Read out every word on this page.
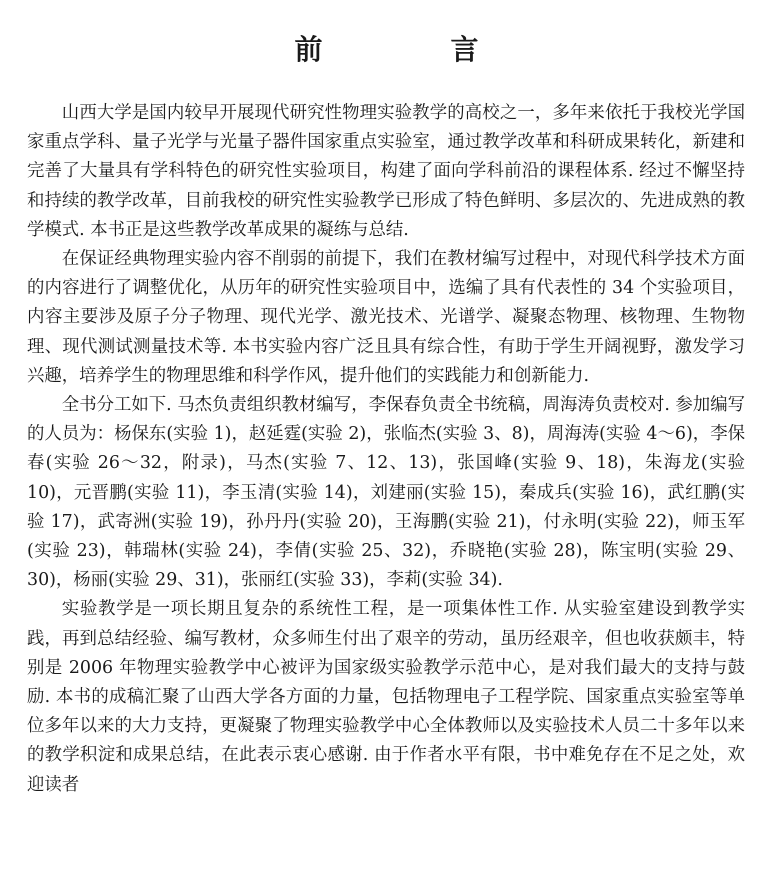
前　言

山西大学是国内较早开展现代研究性物理实验教学的高校之一，多年来依托于我校光学国家重点学科、量子光学与光量子器件国家重点实验室，通过教学改革和科研成果转化，新建和完善了大量具有学科特色的研究性实验项目，构建了面向学科前沿的课程体系. 经过不懈坚持和持续的教学改革，目前我校的研究性实验教学已形成了特色鲜明、多层次的、先进成熟的教学模式. 本书正是这些教学改革成果的凝练与总结.

在保证经典物理实验内容不削弱的前提下，我们在教材编写过程中，对现代科学技术方面的内容进行了调整优化，从历年的研究性实验项目中，选编了具有代表性的 34 个实验项目，内容主要涉及原子分子物理、现代光学、激光技术、光谱学、凝聚态物理、核物理、生物物理、现代测试测量技术等. 本书实验内容广泛且具有综合性，有助于学生开阔视野，激发学习兴趣，培养学生的物理思维和科学作风，提升他们的实践能力和创新能力.

全书分工如下. 马杰负责组织教材编写，李保春负责全书统稿，周海涛负责校对. 参加编写的人员为：杨保东(实验 1)，赵延霆(实验 2)，张临杰(实验 3、8)，周海涛(实验 4～6)，李保春(实验 26～32，附录)，马杰(实验 7、12、13)，张国峰(实验 9、18)，朱海龙(实验 10)，元晋鹏(实验 11)，李玉清(实验 14)，刘建丽(实验 15)，秦成兵(实验 16)，武红鹏(实验 17)，武寄洲(实验 19)，孙丹丹(实验 20)，王海鹏(实验 21)，付永明(实验 22)，师玉军(实验 23)，韩瑞林(实验 24)，李倩(实验 25、32)，乔晓艳(实验 28)，陈宝明(实验 29、30)，杨丽(实验 29、31)，张丽红(实验 33)，李莉(实验 34).

实验教学是一项长期且复杂的系统性工程，是一项集体性工作. 从实验室建设到教学实践，再到总结经验、编写教材，众多师生付出了艰辛的劳动，虽历经艰辛，但也收获颇丰，特别是 2006 年物理实验教学中心被评为国家级实验教学示范中心，是对我们最大的支持与鼓励. 本书的成稿汇聚了山西大学各方面的力量，包括物理电子工程学院、国家重点实验室等单位多年以来的大力支持，更凝聚了物理实验教学中心全体教师以及实验技术人员二十多年以来的教学积淀和成果总结，在此表示衷心感谢. 由于作者水平有限，书中难免存在不足之处，欢迎读者
